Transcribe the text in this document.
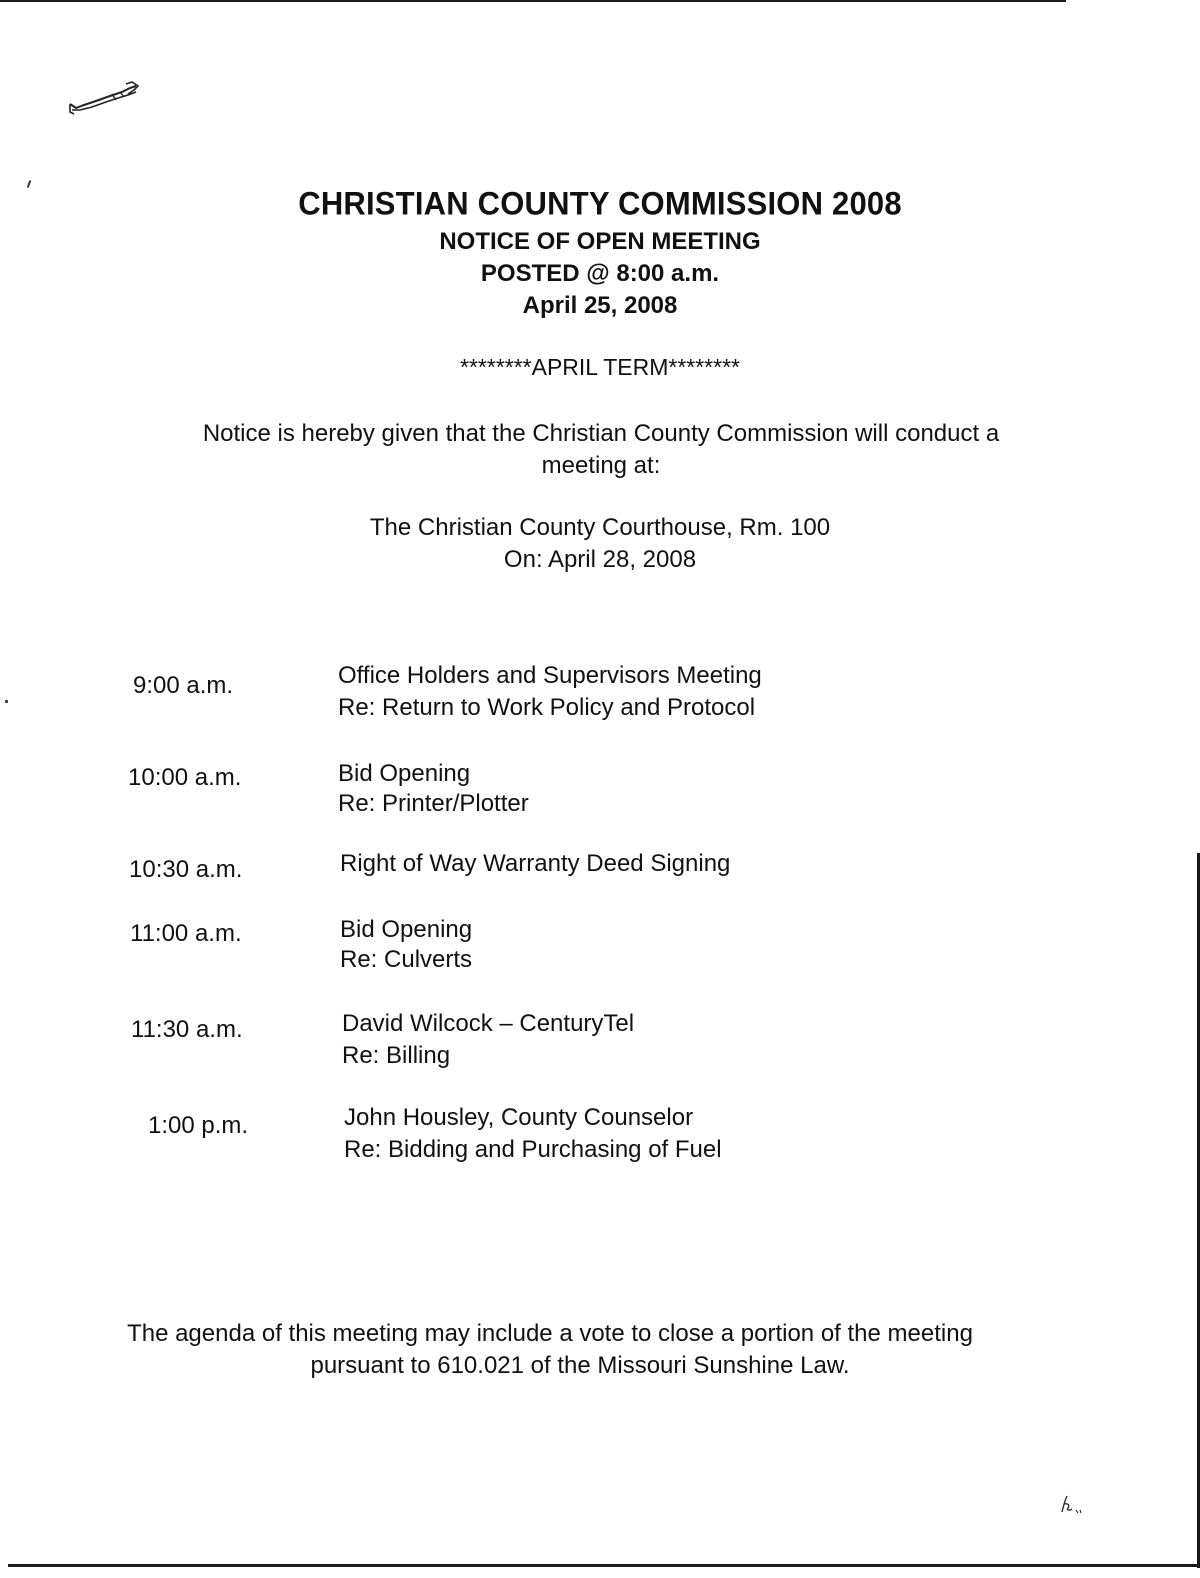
CHRISTIAN COUNTY COMMISSION 2008
NOTICE OF OPEN MEETING
POSTED @ 8:00 a.m.
April 25, 2008
********APRIL TERM********
Notice is hereby given that the Christian County Commission will conduct a
meeting at:
The Christian County Courthouse, Rm. 100
On: April 28, 2008
9:00 a.m.	Office Holders and Supervisors Meeting
Re: Return to Work Policy and Protocol
10:00 a.m.	Bid Opening
Re: Printer/Plotter
10:30 a.m.	Right of Way Warranty Deed Signing
11:00 a.m.	Bid Opening
Re: Culverts
11:30 a.m.	David Wilcock – CenturyTel
Re: Billing
1:00 p.m.	John Housley, County Counselor
Re: Bidding and Purchasing of Fuel
The agenda of this meeting may include a vote to close a portion of the meeting
pursuant to 610.021 of the Missouri Sunshine Law.
